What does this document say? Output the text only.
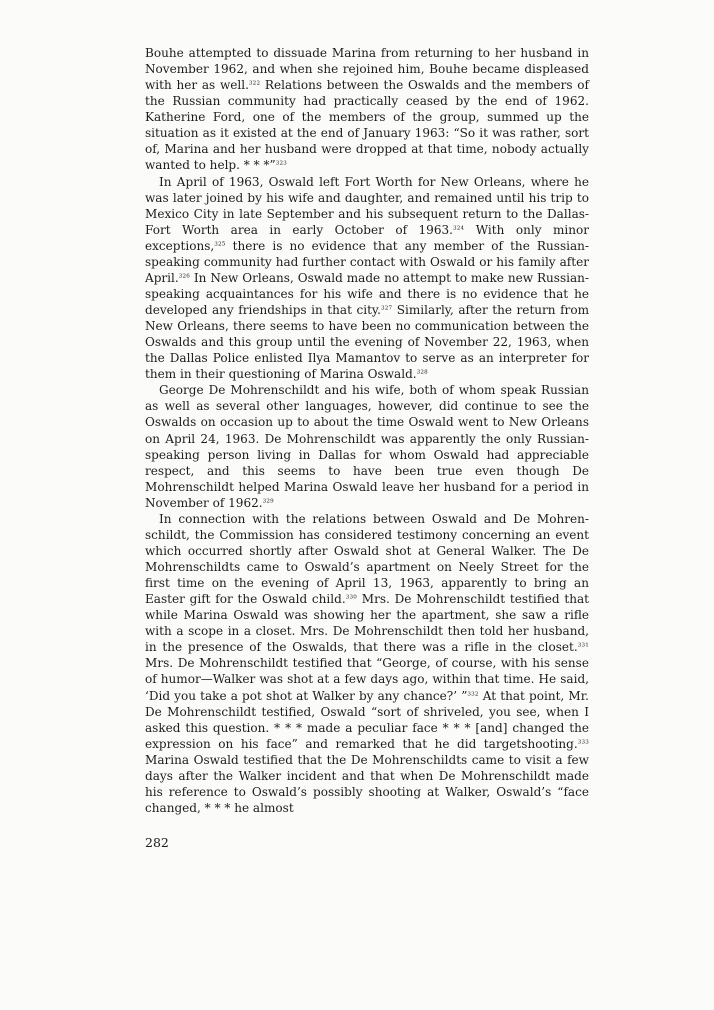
Bouhe attempted to dissuade Marina from returning to her husband in November 1962, and when she rejoined him, Bouhe became displeased with her as well.$^{322}$ Relations between the Oswalds and the members of the Russian community had practically ceased by the end of 1962. Katherine Ford, one of the members of the group, summed up the situation as it existed at the end of January 1963: “So it was rather, sort of, Marina and her husband were dropped at that time, nobody actually wanted to help. * * *”$^{323}$

In April of 1963, Oswald left Fort Worth for New Orleans, where he was later joined by his wife and daughter, and remained until his trip to Mexico City in late September and his subsequent return to the Dallas-Fort Worth area in early October of 1963.$^{324}$ With only minor exceptions,$^{325}$ there is no evidence that any member of the Russian-speaking community had further contact with Oswald or his family after April.$^{326}$ In New Orleans, Oswald made no attempt to make new Russian-speaking acquaintances for his wife and there is no evidence that he developed any friendships in that city.$^{327}$ Similarly, after the return from New Orleans, there seems to have been no communication between the Oswalds and this group until the evening of November 22, 1963, when the Dallas Police enlisted Ilya Mamantov to serve as an interpreter for them in their questioning of Marina Oswald.$^{328}$

George De Mohrenschildt and his wife, both of whom speak Russian as well as several other languages, however, did continue to see the Oswalds on occasion up to about the time Oswald went to New Orleans on April 24, 1963. De Mohrenschildt was apparently the only Russian-speaking person living in Dallas for whom Oswald had appreciable respect, and this seems to have been true even though De Mohrenschildt helped Marina Oswald leave her husband for a period in November of 1962.$^{329}$

In connection with the relations between Oswald and De Mohrenschildt, the Commission has considered testimony concerning an event which occurred shortly after Oswald shot at General Walker. The De Mohrenschildts came to Oswald’s apartment on Neely Street for the first time on the evening of April 13, 1963, apparently to bring an Easter gift for the Oswald child.$^{330}$ Mrs. De Mohrenschildt testified that while Marina Oswald was showing her the apartment, she saw a rifle with a scope in a closet. Mrs. De Mohrenschildt then told her husband, in the presence of the Oswalds, that there was a rifle in the closet.$^{331}$ Mrs. De Mohrenschildt testified that “George, of course, with his sense of humor—Walker was shot at a few days ago, within that time. He said, ‘Did you take a pot shot at Walker by any chance?’ ”$^{332}$ At that point, Mr. De Mohrenschildt testified, Oswald “sort of shriveled, you see, when I asked this question. * * * made a peculiar face * * * [and] changed the expression on his face” and remarked that he did targetshooting.$^{333}$ Marina Oswald testified that the De Mohrenschildts came to visit a few days after the Walker incident and that when De Mohrenschildt made his reference to Oswald’s possibly shooting at Walker, Oswald’s “face changed, * * * he almost

282
